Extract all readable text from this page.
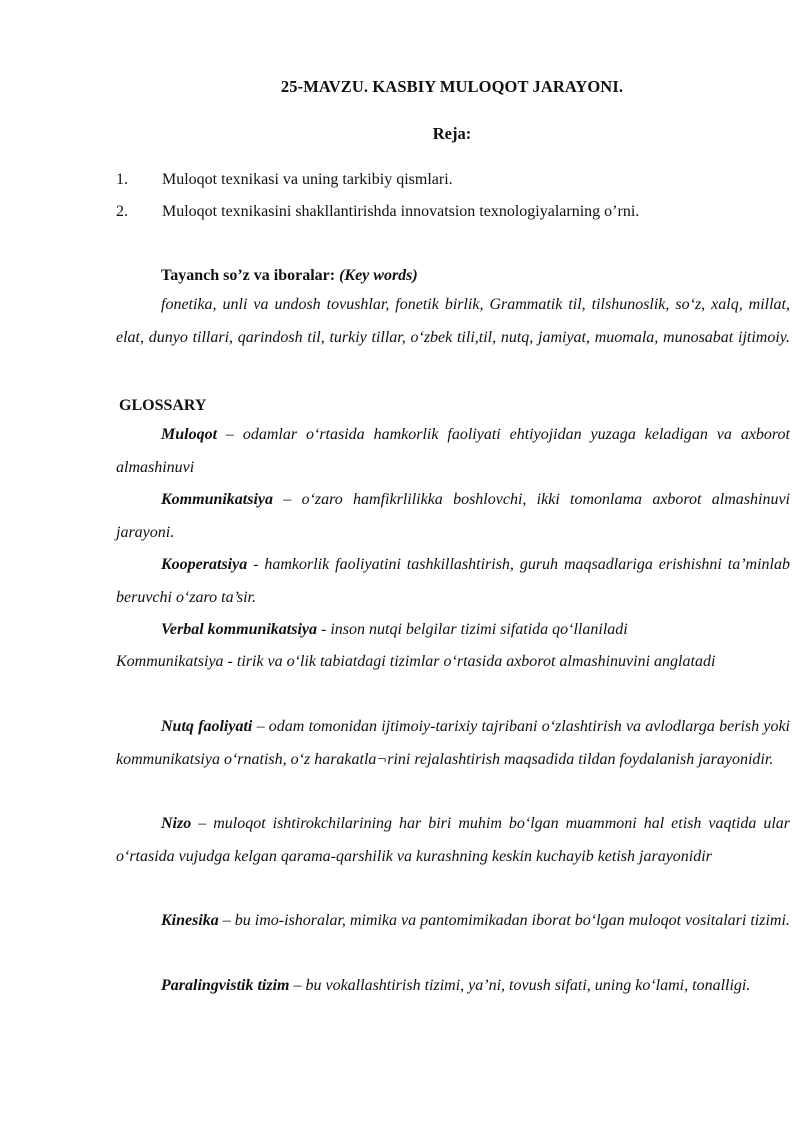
25-MAVZU. KASBIY MULOQOT JARAYONI.
Reja:
1. Muloqot texnikasi va uning tarkibiy qismlari.
2. Muloqot texnikasini shakllantirishda innovatsion texnologiyalarning o’rni.
Tayanch so’z va iboralar: (Key words)

fonetika, unli va undosh tovushlar, fonetik birlik, Grammatik til, tilshunoslik, so‘z, xalq, millat, elat, dunyo tillari, qarindosh til, turkiy tillar, o‘zbek tili,til, nutq, jamiyat, muomala, munosabat ijtimoiy.

GLOSSARY

Muloqot – odamlar o‘rtasida hamkorlik faoliyati ehtiyojidan yuzaga keladigan va axborot almashinuvi

Kommunikatsiya – o‘zaro hamfikrlilikka boshlovchi, ikki tomonlama axborot almashinuvi jarayoni.

Kooperatsiya - hamkorlik faoliyatini tashkillashtirish, guruh maqsadlariga erishishni ta’minlab beruvchi o‘zaro ta’sir.

Verbal kommunikatsiya - inson nutqi belgilar tizimi sifatida qo‘llaniladi

Kommunikatsiya - tirik va o‘lik tabiatdagi tizimlar o‘rtasida axborot almashinuvini anglatadi

Nutq faoliyati – odam tomonidan ijtimoiy-tarixiy tajribani o‘zlashtirish va avlodlarga berish yoki kommunikatsiya o‘rnatish, o‘z harakatla¬rini rejalashtirish maqsadida tildan foydalanish jarayonidir.

Nizo – muloqot ishtirokchilarining har biri muhim bo‘lgan muammoni hal etish vaqtida ular o‘rtasida vujudga kelgan qarama-qarshilik va kurashning keskin kuchayib ketish jarayonidir

Kinesika – bu imo-ishoralar, mimika va pantomimikadan iborat bo‘lgan muloqot vositalari tizimi.

Paralingvistik tizim – bu vokallashtirish tizimi, ya’ni, tovush sifati, uning ko‘lami, tonalligi.
